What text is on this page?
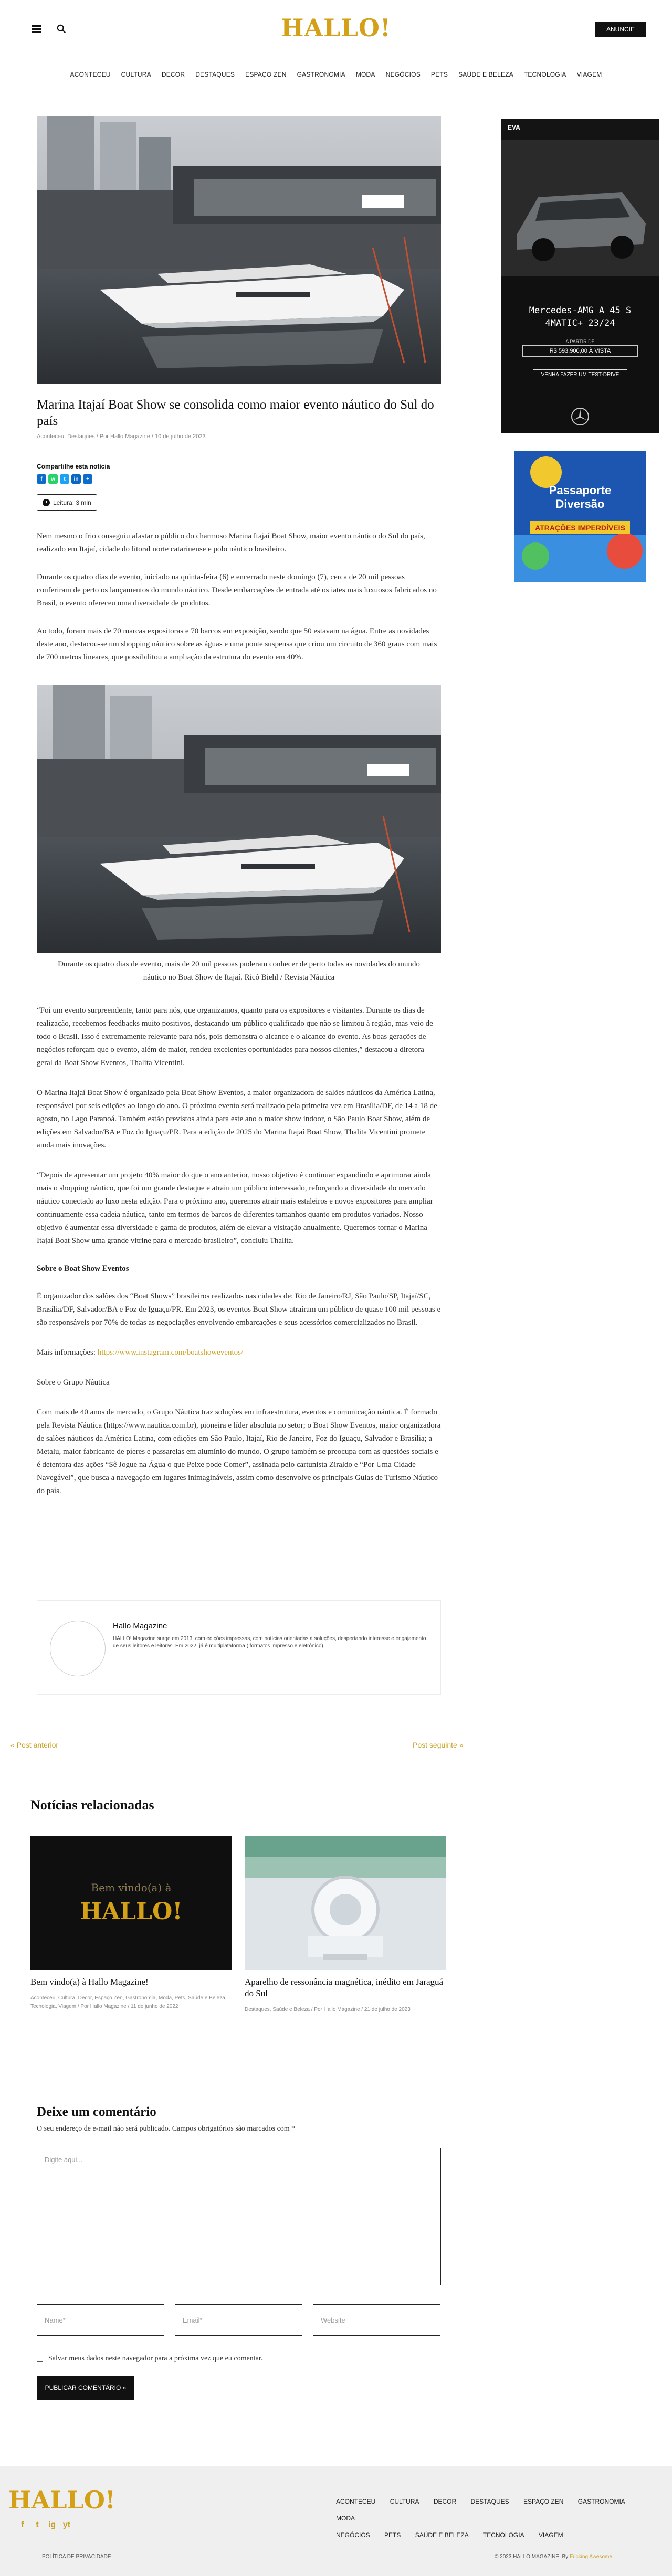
HALLO!	ANUNCIE
ACONTECEU CULTURA DECOR DESTAQUES ESPAÇO ZEN GASTRONOMIA MODA NEGÓCIOS PETS SAÚDE E BELEZA TECNOLOGIA VIAGEM
Marina Itajaí Boat Show se consolida como maior evento náutico do Sul do país
Aconteceu, Destaques / Por Hallo Magazine / 10 de julho de 2023
Compartilhe esta notícia
f	w	t	in	+
Leitura: 3 min

Nem mesmo o frio conseguiu afastar o público do charmoso Marina Itajaí Boat Show, maior evento náutico do Sul do país, realizado em Itajaí, cidade do litoral norte catarinense e polo náutico brasileiro.

Durante os quatro dias de evento, iniciado na quinta-feira (6) e encerrado neste domingo (7), cerca de 20 mil pessoas conferiram de perto os lançamentos do mundo náutico. Desde embarcações de entrada até os iates mais luxuosos fabricados no Brasil, o evento ofereceu uma diversidade de produtos.

Ao todo, foram mais de 70 marcas expositoras e 70 barcos em exposição, sendo que 50 estavam na água. Entre as novidades deste ano, destacou-se um shopping náutico sobre as águas e uma ponte suspensa que criou um circuito de 360 graus com mais de 700 metros lineares, que possibilitou a ampliação da estrutura do evento em 40%.

Durante os quatro dias de evento, mais de 20 mil pessoas puderam conhecer de perto todas as novidades do mundo náutico no Boat Show de Itajaí. Ricó Biehl / Revista Náutica

“Foi um evento surpreendente, tanto para nós, que organizamos, quanto para os expositores e visitantes. Durante os dias de realização, recebemos feedbacks muito positivos, destacando um público qualificado que não se limitou à região, mas veio de todo o Brasil. Isso é extremamente relevante para nós, pois demonstra o alcance e o alcance do evento. As boas gerações de negócios reforçam que o evento, além de maior, rendeu excelentes oportunidades para nossos clientes,” destacou a diretora geral da Boat Show Eventos, Thalita Vicentini.

O Marina Itajaí Boat Show é organizado pela Boat Show Eventos, a maior organizadora de salões náuticos da América Latina, responsável por seis edições ao longo do ano. O próximo evento será realizado pela primeira vez em Brasília/DF, de 14 a 18 de agosto, no Lago Paranoá. Também estão previstos ainda para este ano o maior show indoor, o São Paulo Boat Show, além de edições em Salvador/BA e Foz do Iguaçu/PR. Para a edição de 2025 do Marina Itajaí Boat Show, Thalita Vicentini promete ainda mais inovações.

“Depois de apresentar um projeto 40% maior do que o ano anterior, nosso objetivo é continuar expandindo e aprimorar ainda mais o shopping náutico, que foi um grande destaque e atraiu um público interessado, reforçando a diversidade do mercado náutico conectado ao luxo nesta edição. Para o próximo ano, queremos atrair mais estaleiros e novos expositores para ampliar continuamente essa cadeia náutica, tanto em termos de barcos de diferentes tamanhos quanto em produtos variados. Nosso objetivo é aumentar essa diversidade e gama de produtos, além de elevar a visitação anualmente. Queremos tornar o Marina Itajaí Boat Show uma grande vitrine para o mercado brasileiro”, concluiu Thalita.

Sobre o Boat Show Eventos

É organizador dos salões dos “Boat Shows” brasileiros realizados nas cidades de: Rio de Janeiro/RJ, São Paulo/SP, Itajaí/SC, Brasília/DF, Salvador/BA e Foz de Iguaçu/PR. Em 2023, os eventos Boat Show atraíram um público de quase 100 mil pessoas e são responsáveis por 70% de todas as negociações envolvendo embarcações e seus acessórios comercializados no Brasil.

Mais informações: https://www.instagram.com/boatshoweventos/

Sobre o Grupo Náutica

Com mais de 40 anos de mercado, o Grupo Náutica traz soluções em infraestrutura, eventos e comunicação náutica. É formado pela Revista Náutica (https://www.nautica.com.br), pioneira e líder absoluta no setor; o Boat Show Eventos, maior organizadora de salões náuticos da América Latina, com edições em São Paulo, Itajaí, Rio de Janeiro, Foz do Iguaçu, Salvador e Brasília; a Metalu, maior fabricante de píeres e passarelas em alumínio do mundo. O grupo também se preocupa com as questões sociais e é detentora das ações “Sê Jogue na Água o que Peixe pode Comer”, assinada pelo cartunista Ziraldo e “Por Uma Cidade Navegável”, que busca a navegação em lugares inimagináveis, assim como desenvolve os principais Guias de Turismo Náutico do país.

Hallo Magazine
HALLO! Magazine surge em 2013, com edições impressas, com notícias orientadas a soluções, despertando interesse e engajamento de seus leitores e leitoras. Em 2022, já é multiplataforma ( formatos impresso e eletrônico).
« Post anterior	Post seguinte »
Notícias relacionadas
Bem vindo(a) à
HALLO!
Bem vindo(a) à Hallo Magazine!
Aconteceu, Cultura, Decor, Espaço Zen, Gastronomia, Moda, Pets, Saúde e Beleza, Tecnologia, Viagem / Por Hallo Magazine / 11 de junho de 2022
Aparelho de ressonância magnética, inédito em Jaraguá do Sul
Destaques, Saúde e Beleza / Por Hallo Magazine / 21 de julho de 2023
Deixe um comentário

O seu endereço de e-mail não será publicado. Campos obrigatórios são marcados com *

Digite aqui...
Name*	Email*	Website
Salvar meus dados neste navegador para a próxima vez que eu comentar.
PUBLICAR COMENTÁRIO »
EVA
Mercedes-AMG A 45 S 4MATIC+ 23/24
A PARTIR DE
R$ 593.900,00 À VISTA
VENHA FAZER UM TEST-DRIVE
Passaporte Diversão
ATRAÇÕES IMPERDÍVEIS
HALLO!
f	t	ig yt
ACONTECEU CULTURA DECOR DESTAQUES ESPAÇO ZEN GASTRONOMIA MODA
NEGÓCIOS PETS SAÚDE E BELEZA TECNOLOGIA VIAGEM
POLÍTICA DE PRIVACIDADE	© 2023 HALLO MAGAZINE. By Fúcking Awesome
